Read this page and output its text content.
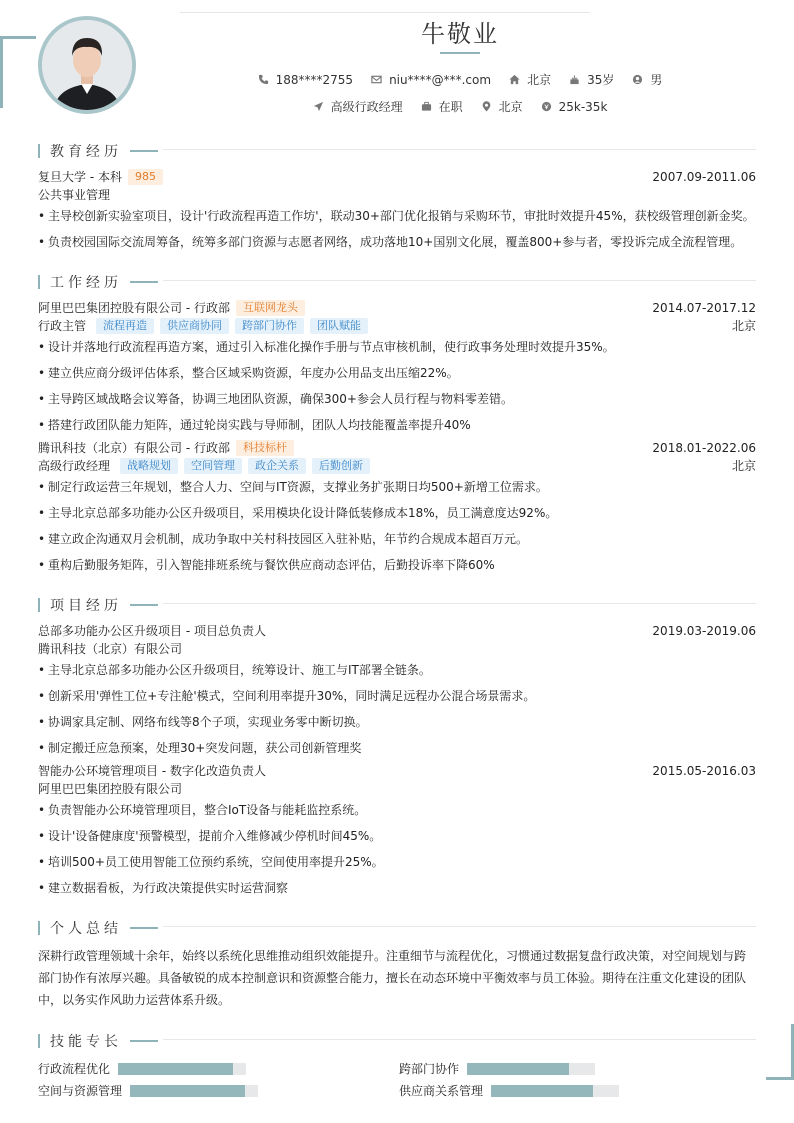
牛敬业
188****2755	niu****@***.com	北京	35岁	男
高级行政经理	在职	北京	25k-35k
教育经历
复旦大学 - 本科	985	2007.09-2011.06
公共事业管理
• 主导校创新实验室项目，设计'行政流程再造工作坊'，联动30+部门优化报销与采购环节，审批时效提升45%，获校级管理创新金奖。
• 负责校园国际交流周筹备，统筹多部门资源与志愿者网络，成功落地10+国别文化展，覆盖800+参与者，零投诉完成全流程管理。
工作经历
阿里巴巴集团控股有限公司 - 行政部	互联网龙头	2014.07-2017.12
行政主管	流程再造	供应商协同	跨部门协作	团队赋能	北京
• 设计并落地行政流程再造方案，通过引入标准化操作手册与节点审核机制，使行政事务处理时效提升35%。
• 建立供应商分级评估体系，整合区域采购资源，年度办公用品支出压缩22%。
• 主导跨区域战略会议筹备，协调三地团队资源，确保300+参会人员行程与物料零差错。
• 搭建行政团队能力矩阵，通过轮岗实践与导师制，团队人均技能覆盖率提升40%
腾讯科技（北京）有限公司 - 行政部	科技标杆	2018.01-2022.06
高级行政经理	战略规划	空间管理	政企关系	后勤创新	北京
• 制定行政运营三年规划，整合人力、空间与IT资源，支撑业务扩张期日均500+新增工位需求。
• 主导北京总部多功能办公区升级项目，采用模块化设计降低装修成本18%，员工满意度达92%。
• 建立政企沟通双月会机制，成功争取中关村科技园区入驻补贴，年节约合规成本超百万元。
• 重构后勤服务矩阵，引入智能排班系统与餐饮供应商动态评估，后勤投诉率下降60%
项目经历
总部多功能办公区升级项目 - 项目总负责人	2019.03-2019.06
腾讯科技（北京）有限公司
• 主导北京总部多功能办公区升级项目，统筹设计、施工与IT部署全链条。
• 创新采用'弹性工位+专注舱'模式，空间利用率提升30%，同时满足远程办公混合场景需求。
• 协调家具定制、网络布线等8个子项，实现业务零中断切换。
• 制定搬迁应急预案，处理30+突发问题，获公司创新管理奖
智能办公环境管理项目 - 数字化改造负责人	2015.05-2016.03
阿里巴巴集团控股有限公司
• 负责智能办公环境管理项目，整合IoT设备与能耗监控系统。
• 设计'设备健康度'预警模型，提前介入维修减少停机时间45%。
• 培训500+员工使用智能工位预约系统，空间使用率提升25%。
• 建立数据看板，为行政决策提供实时运营洞察
个人总结
深耕行政管理领域十余年，始终以系统化思维推动组织效能提升。注重细节与流程优化，习惯通过数据复盘行政决策，对空间规划与跨部门协作有浓厚兴趣。具备敏锐的成本控制意识和资源整合能力，擅长在动态环境中平衡效率与员工体验。期待在注重文化建设的团队中，以务实作风助力运营体系升级。
技能专长
行政流程优化	跨部门协作
空间与资源管理	供应商关系管理
